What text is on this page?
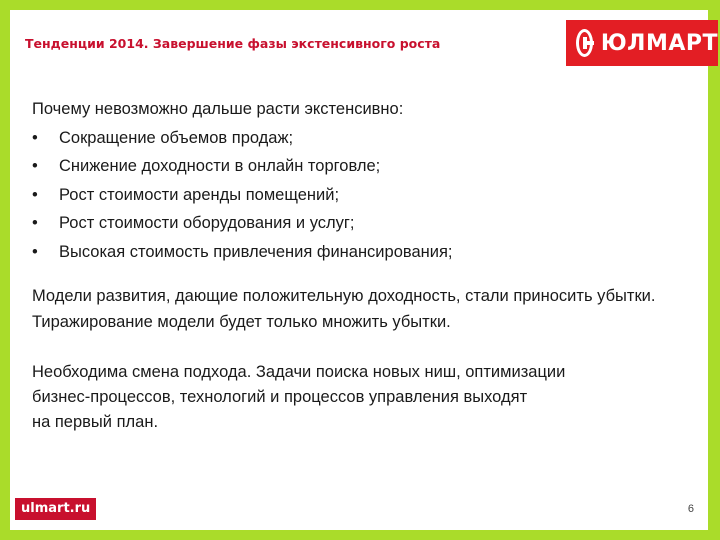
Тенденции 2014. Завершение фазы экстенсивного роста	ЮЛМАРТ
Почему невозможно дальше расти экстенсивно:
• Сокращение объемов продаж;
• Снижение доходности в онлайн торговле;
• Рост стоимости аренды помещений;
• Рост стоимости оборудования и услуг;
• Высокая стоимость привлечения финансирования;
Модели развития, дающие положительную доходность, стали приносить убытки. Тиражирование модели будет только множить убытки.
Необходима смена подхода. Задачи поиска новых ниш, оптимизации
бизнес-процессов, технологий и процессов управления выходят
на первый план.
ulmart.ru	6
